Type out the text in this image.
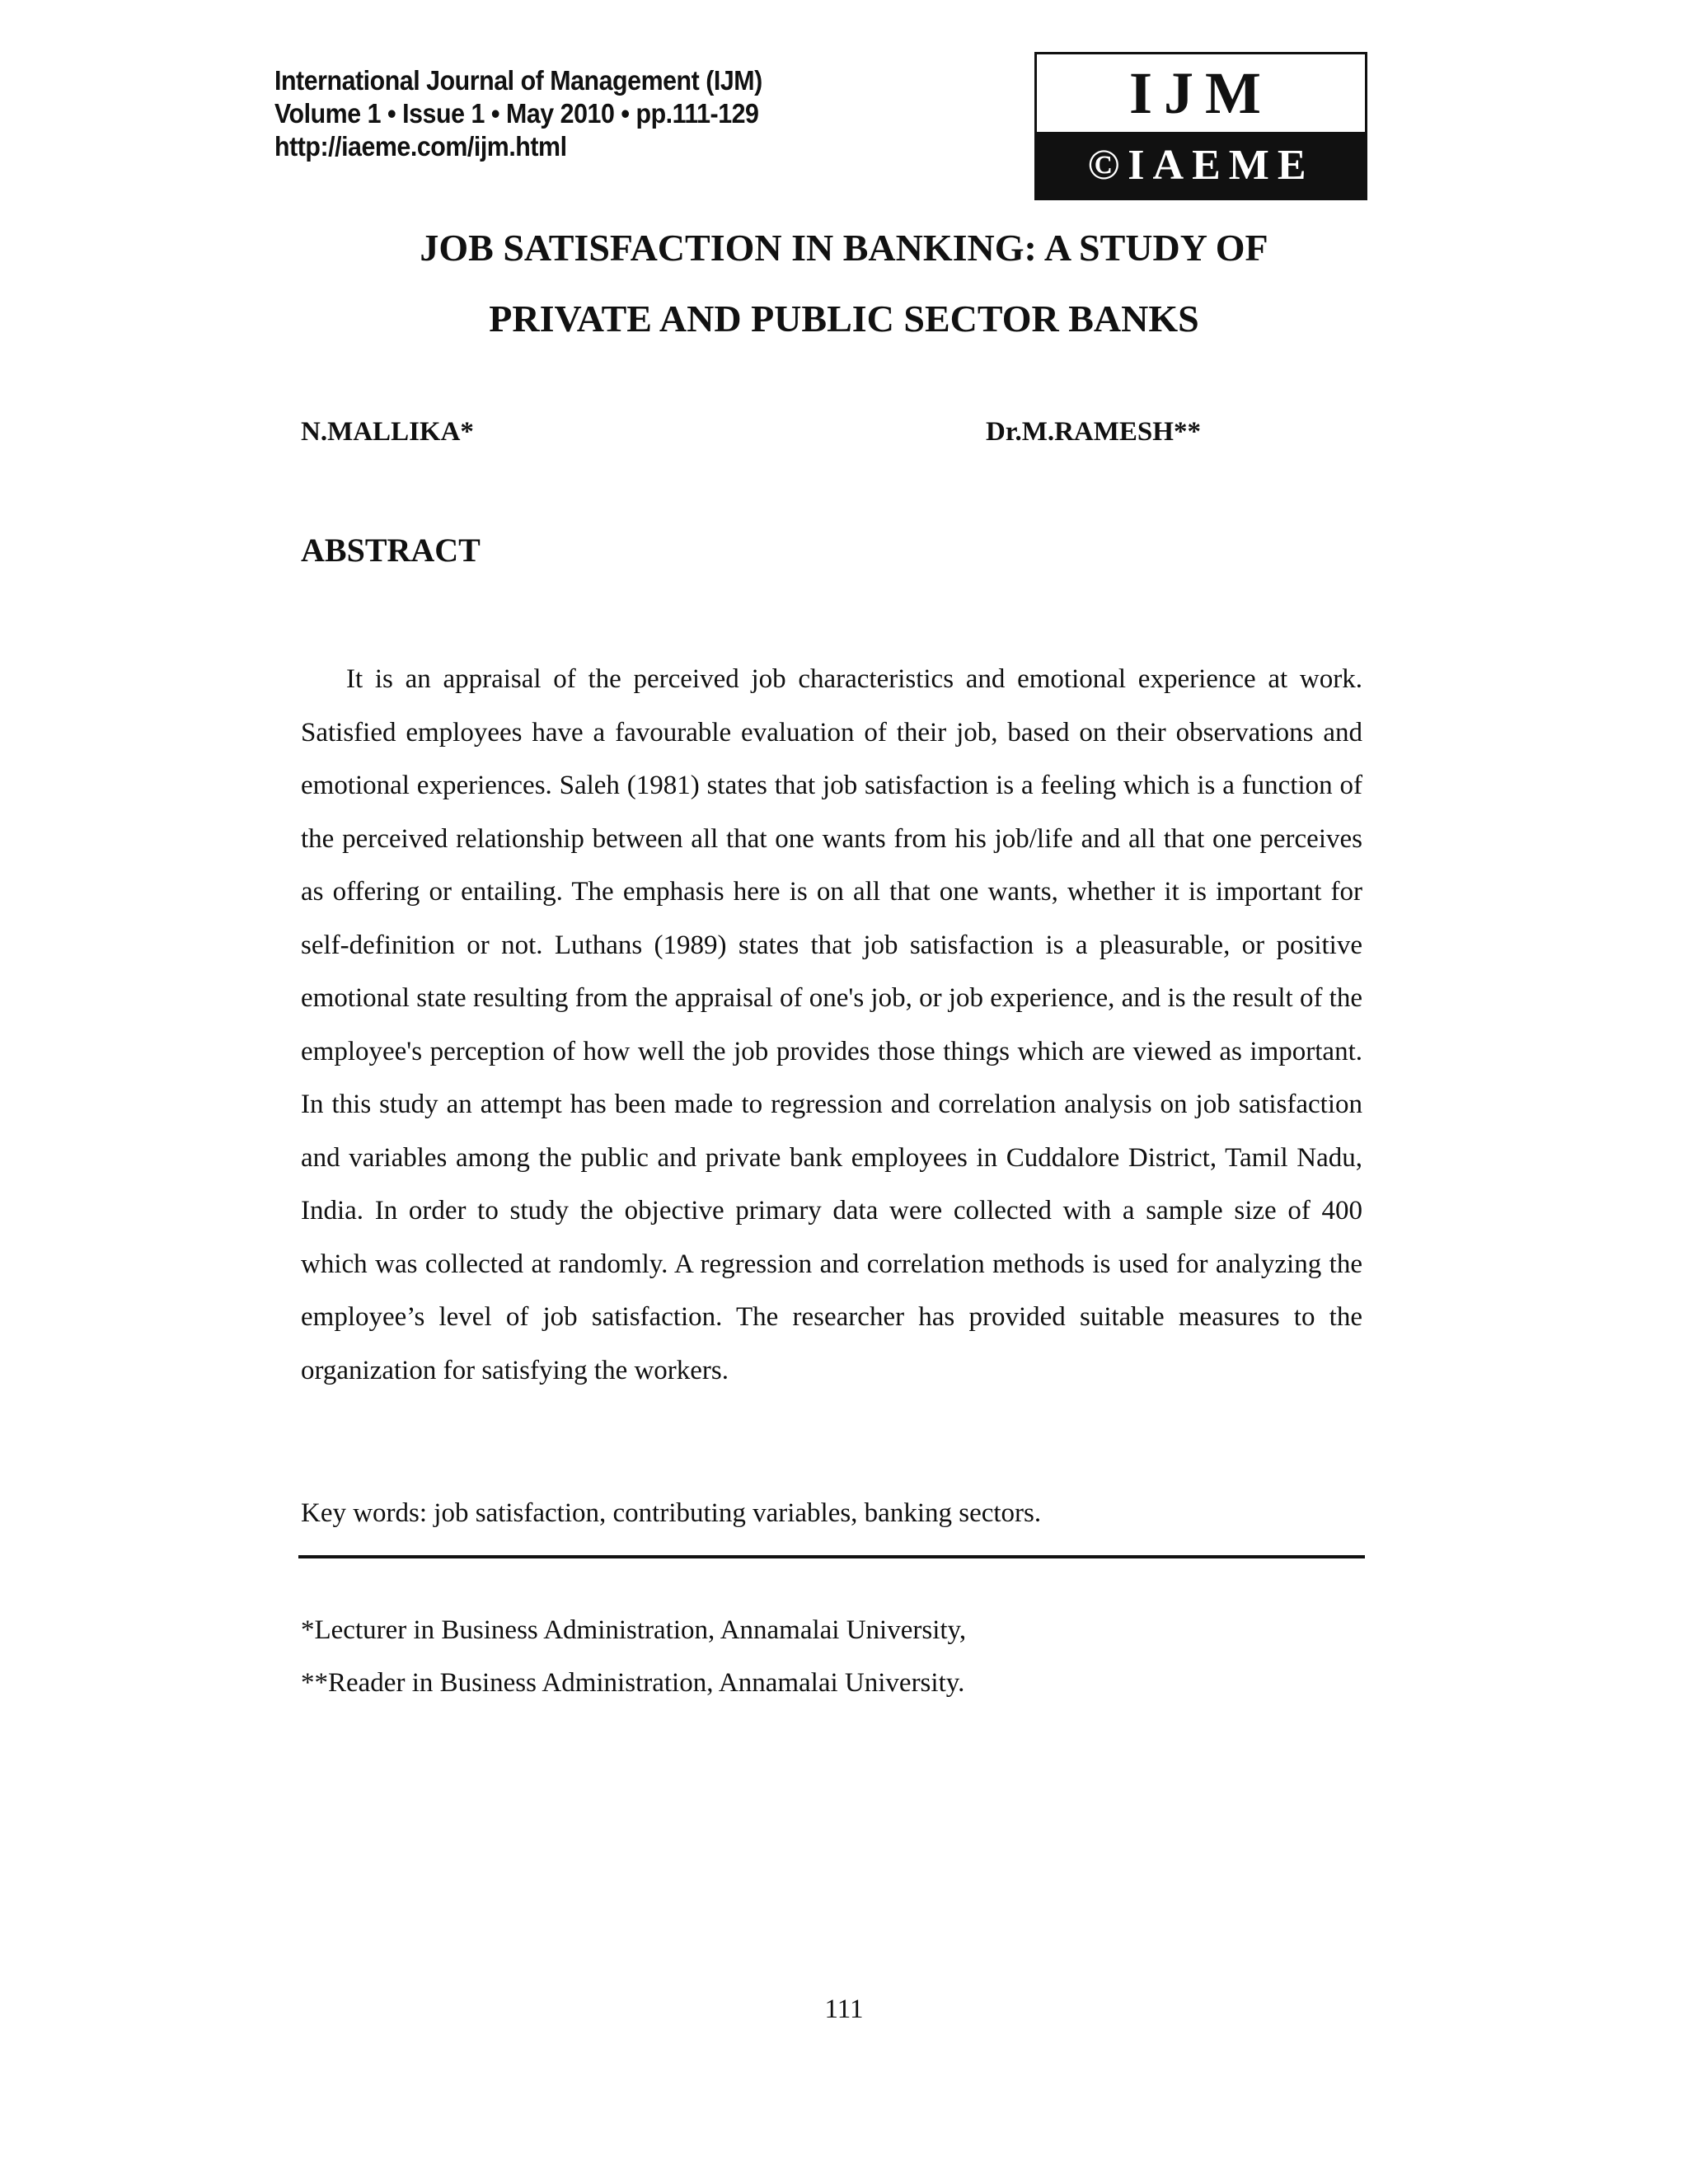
International Journal of Management (IJM)
Volume 1 • Issue 1 • May 2010 • pp.111-129
http://iaeme.com/ijm.html
IJM
©IAEME
JOB SATISFACTION IN BANKING: A STUDY OF
PRIVATE AND PUBLIC SECTOR BANKS
N.MALLIKA*	Dr.M.RAMESH**
ABSTRACT

It is an appraisal of the perceived job characteristics and emotional experience at work. Satisfied employees have a favourable evaluation of their job, based on their observations and emotional experiences. Saleh (1981) states that job satisfaction is a feeling which is a function of the perceived relationship between all that one wants from his job/life and all that one perceives as offering or entailing. The emphasis here is on all that one wants, whether it is important for self-definition or not. Luthans (1989) states that job satisfaction is a pleasurable, or positive emotional state resulting from the appraisal of one's job, or job experience, and is the result of the employee's perception of how well the job provides those things which are viewed as important. In this study an attempt has been made to regression and correlation analysis on job satisfaction and variables among the public and private bank employees in Cuddalore District, Tamil Nadu, India. In order to study the objective primary data were collected with a sample size of 400 which was collected at randomly. A regression and correlation methods is used for analyzing the employee’s level of job satisfaction. The researcher has provided suitable measures to the organization for satisfying the workers.

Key words: job satisfaction, contributing variables, banking sectors.
*Lecturer in Business Administration, Annamalai University,
**Reader in Business Administration, Annamalai University.
111
